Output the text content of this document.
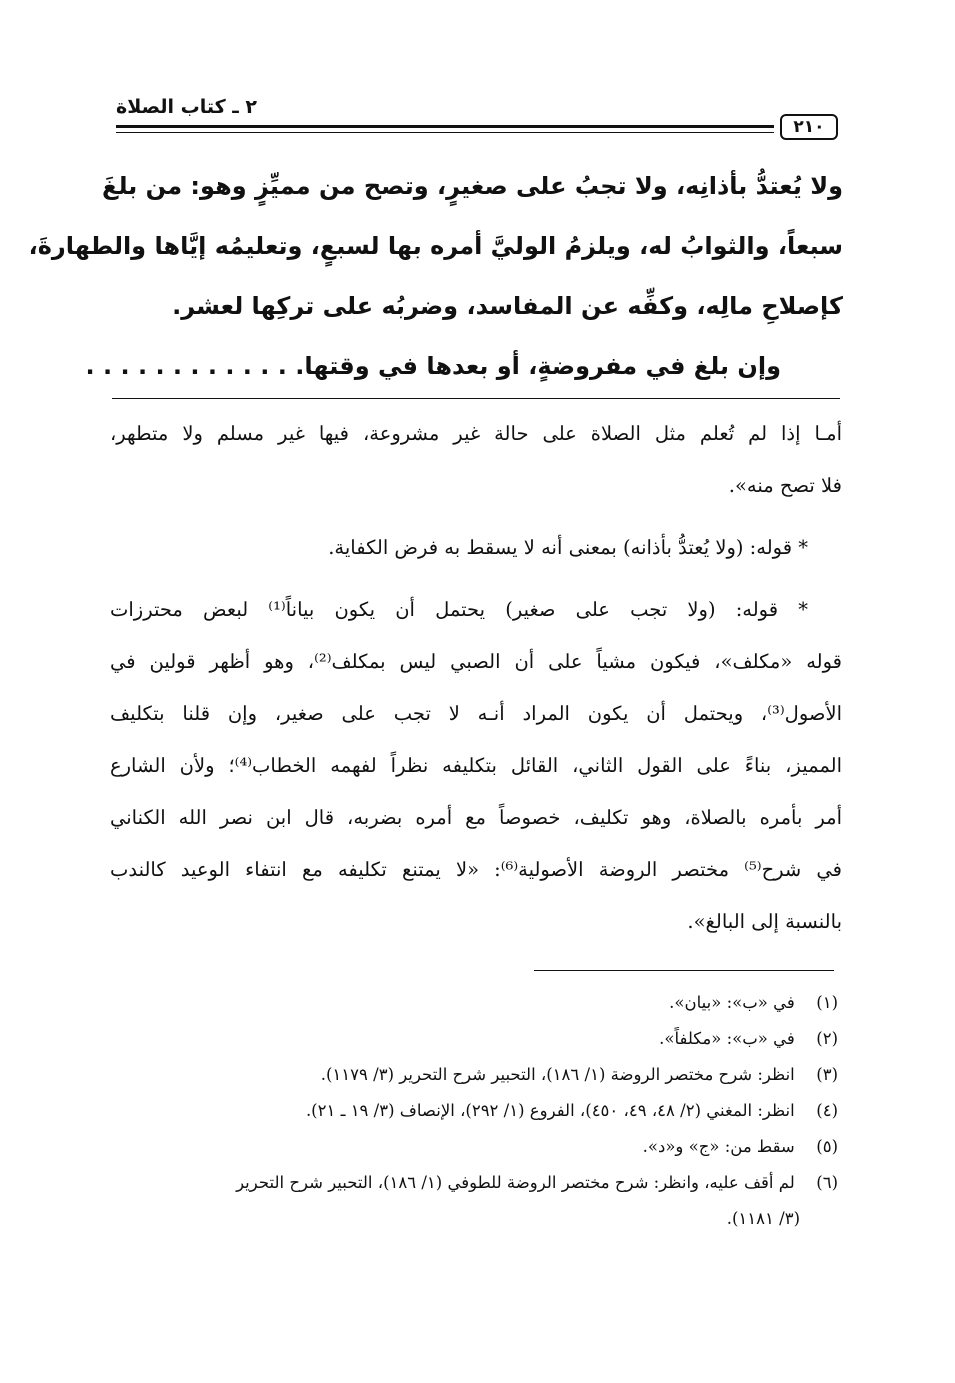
٢ ـ كتاب الصلاة
٢١٠
ولا يُعتدُّ بأذانِه، ولا تجبُ على صغيرٍ، وتصح من مميِّزٍ وهو: من بلغَ
سبعاً، والثوابُ له، ويلزمُ الوليَّ أمره بها لسبعٍ، وتعليمُه إيَّاها والطهارةَ،
كإصلاحِ مالِه، وكفِّه عن المفاسد، وضربُه على تركِها لعشر.
وإن بلغ في مفروضةٍ، أو بعدها في وقتها. . . . . . . . . . . . .
أمـا إذا لم تُعلم مثل الصلاة على حالة غير مشروعة، فيها غير مسلم ولا متطهر،
فلا تصح منه».
* قوله: (ولا يُعتدُّ بأذانه) بمعنى أنه لا يسقط به فرض الكفاية.
* قوله: (ولا تجب على صغير) يحتمل أن يكون بياناً⁽¹⁾ لبعض محترزات
قوله «مكلف»، فيكون مشياً على أن الصبي ليس بمكلف⁽²⁾، وهو أظهر قولين في
الأصول⁽³⁾، ويحتمل أن يكون المراد أنـه لا تجب على صغير، وإن قلنا بتكليف
المميز، بناءً على القول الثاني، القائل بتكليفه نظراً لفهمه الخطاب⁽⁴⁾؛ ولأن الشارع
أمر بأمره بالصلاة، وهو تكليف، خصوصاً مع أمره بضربه، قال ابن نصر الله الكناني
في شرح⁽⁵⁾ مختصر الروضة الأصولية⁽⁶⁾: «لا يمتنع تكليفه مع انتفاء الوعيد كالندب
بالنسبة إلى البالغ».
(١) في «ب»: «بيان».
(٢) في «ب»: «مكلفاً».
(٣) انظر: شرح مختصر الروضة (١/ ١٨٦)، التحبير شرح التحرير (٣/ ١١٧٩).
(٤) انظر: المغني (٢/ ٤٨، ٤٩، ٤٥٠)، الفروع (١/ ٢٩٢)، الإنصاف (٣/ ١٩ ـ ٢١).
(٥) سقط من: «ج» و«د».
(٦) لم أقف عليه، وانظر: شرح مختصر الروضة للطوفي (١/ ١٨٦)، التحبير شرح التحرير
(٣/ ١١٨١).
